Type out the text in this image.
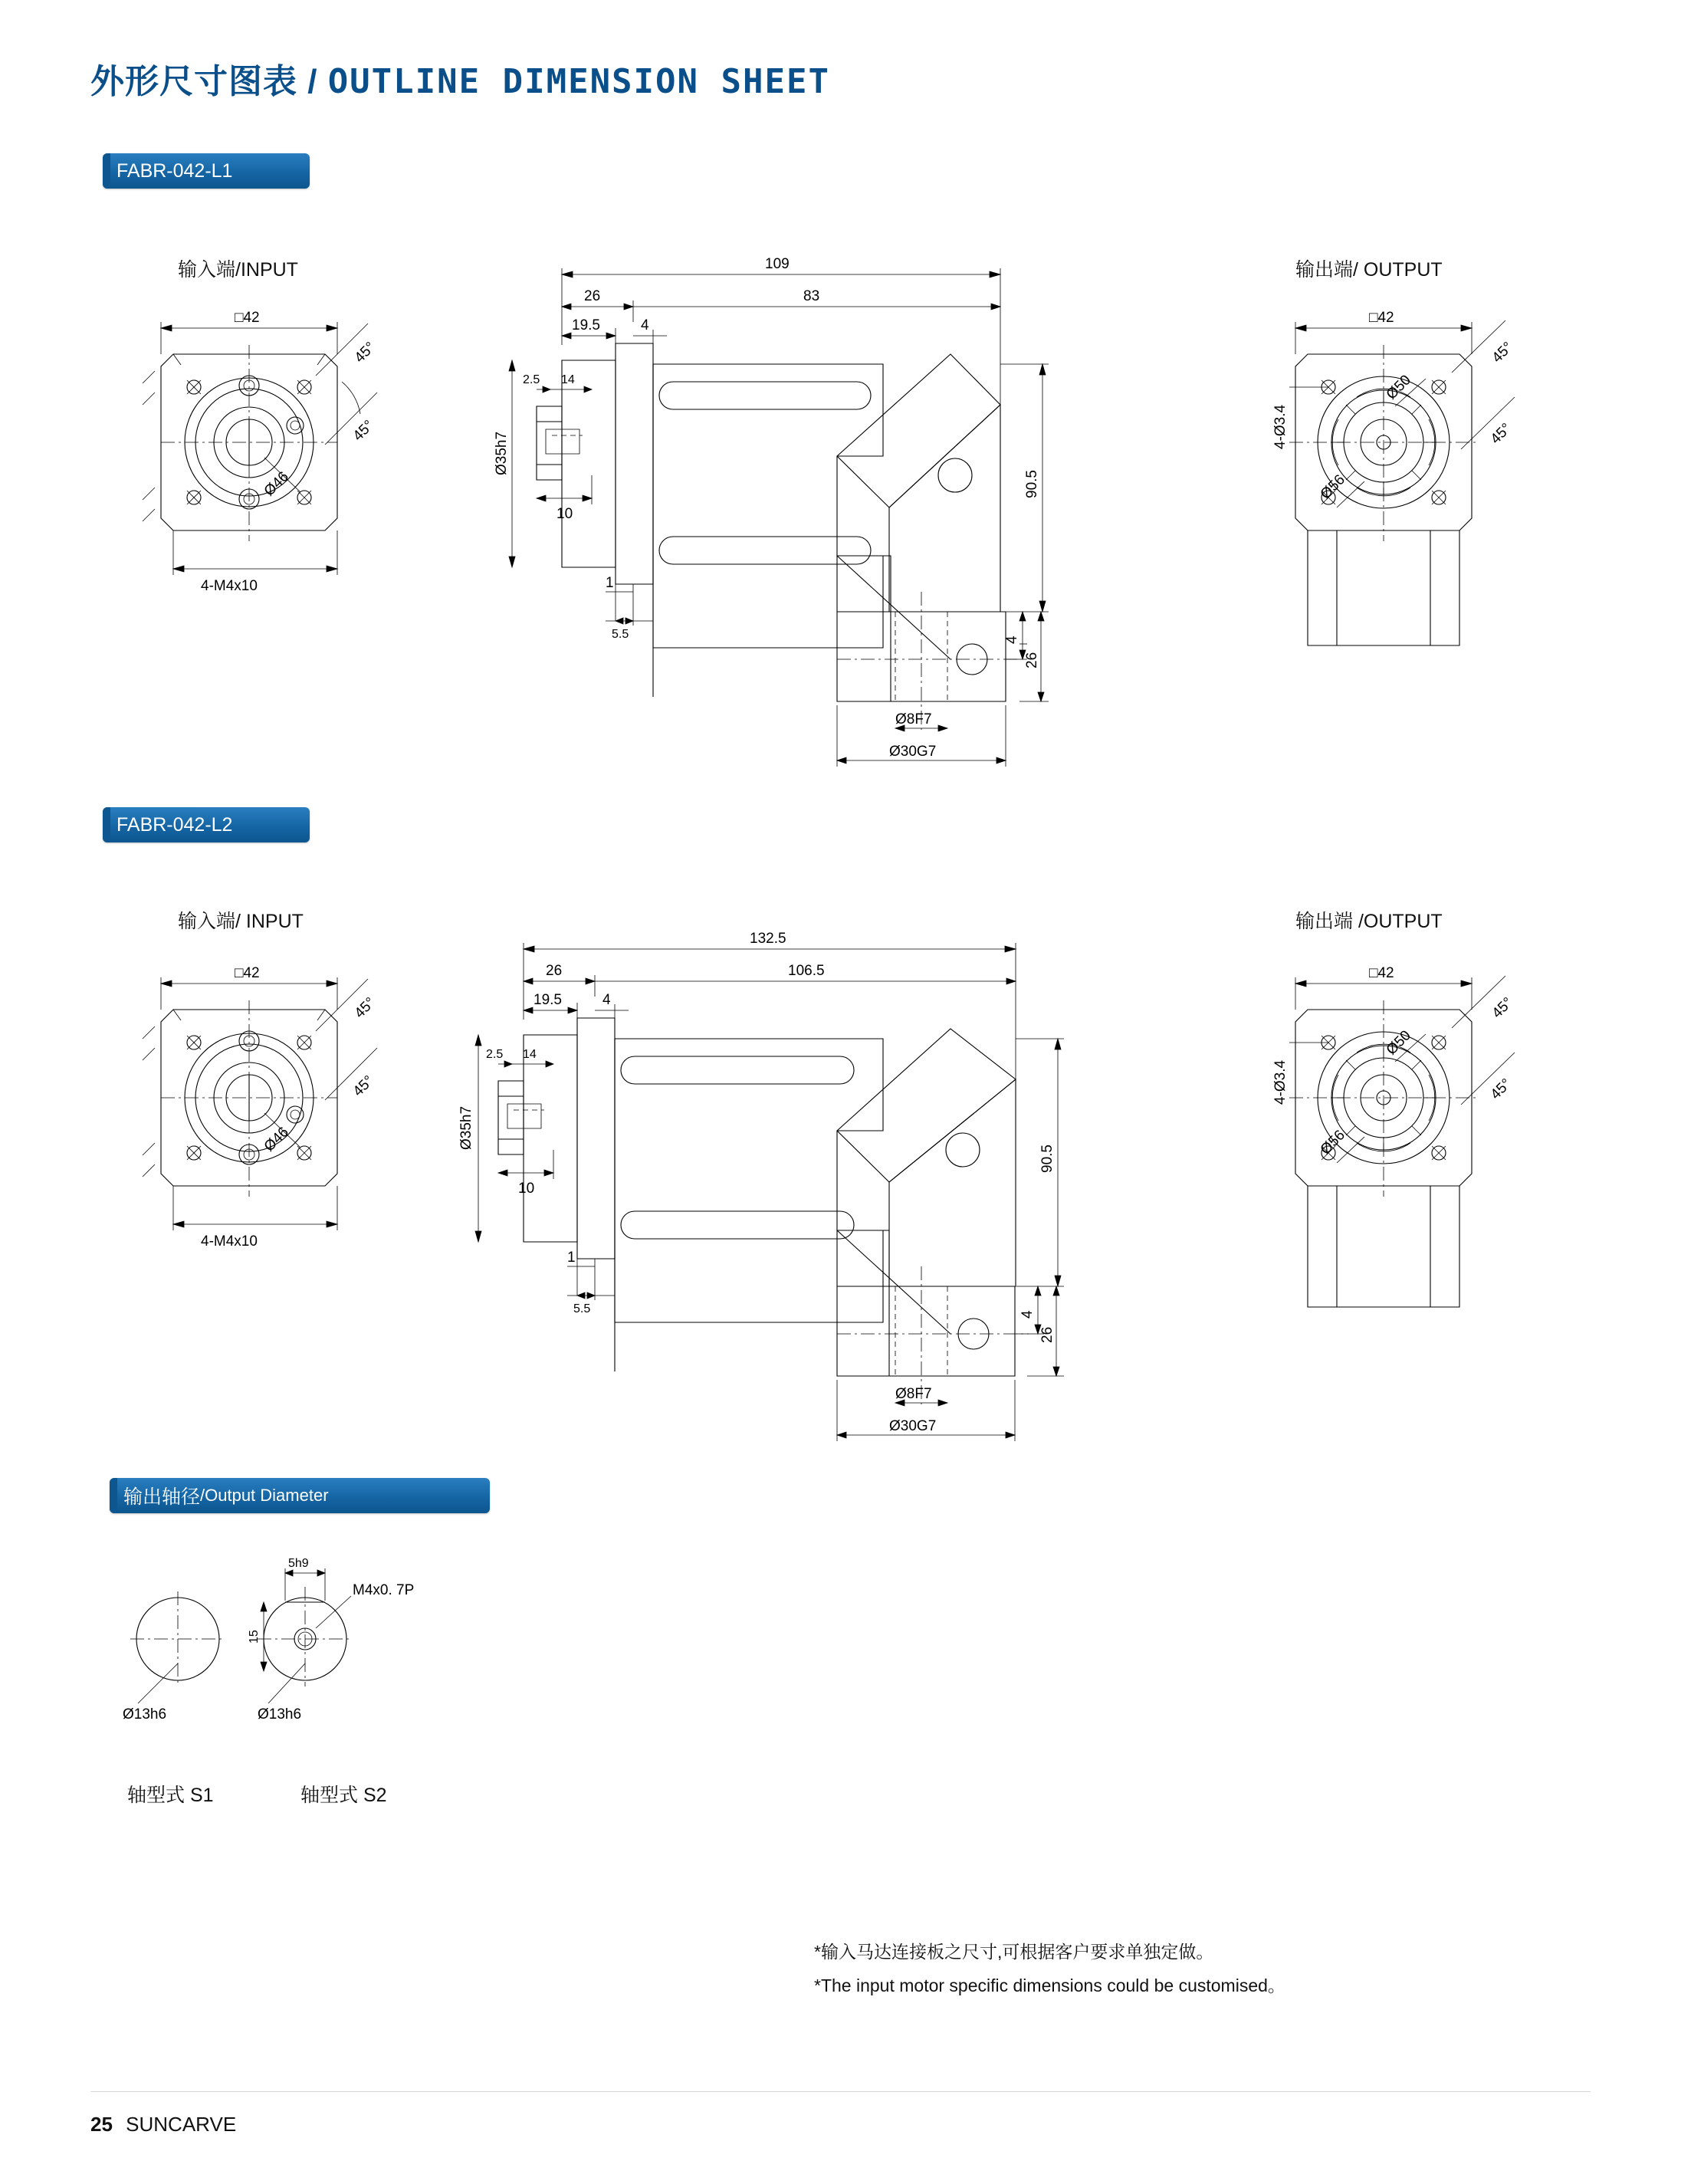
外形尺寸图表 / OUTLINE DIMENSION SHEET
FABR-042-L1
输入端/INPUT	输出端/ OUTPUT
□42
45°
45°
Ø46
4-M4x10
109
26	83
19.5	4
2.5 14
10
Ø35h7
1
5.5
90.5
4
26
Ø8F7
Ø30G7
□42
4-Ø3.4
Ø50
Ø56
45°
45°
FABR-042-L2
输入端/ INPUT	输出端 /OUTPUT
□42
45°
45°
Ø46
4-M4x10
132.5
26	106.5
19.5	4
2.5 14
10
Ø35h7
1
5.5
90.5
4
26
Ø8F7
Ø30G7
□42
4-Ø3.4
Ø50
Ø56
45°
45°
输出轴径 /Output Diameter
Ø13h6
5h9
15
M4x0. 7P
Ø13h6
轴型式 S1	轴型式 S2
*输入马达连接板之尺寸,可根据客户要求单独定做。
*The input motor specific dimensions could be customised。
25 SUNCARVE
